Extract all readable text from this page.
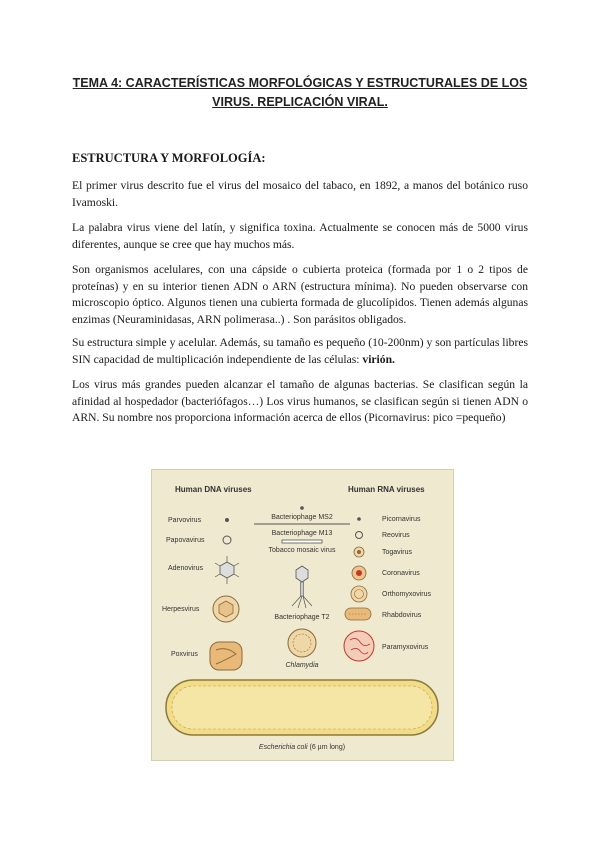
TEMA 4: CARACTERÍSTICAS MORFOLÓGICAS Y ESTRUCTURALES DE LOS
VIRUS. REPLICACIÓN VIRAL.
ESTRUCTURA Y MORFOLOGÍA:
El primer virus descrito fue el virus del mosaico del tabaco, en 1892, a manos del botánico ruso Ivamoski.
La palabra virus viene del latín, y significa toxina. Actualmente se conocen más de 5000 virus diferentes, aunque se cree que hay muchos más.
Son organismos acelulares, con una cápside o cubierta proteica (formada por 1 o 2 tipos de proteínas) y en su interior tienen ADN o ARN (estructura mínima). No pueden observarse con microscopio óptico. Algunos tienen una cubierta formada de glucolípidos. Tienen además algunas enzimas (Neuraminidasas, ARN polimerasa..) . Son parásitos obligados.
Su estructura simple y acelular. Además, su tamaño es pequeño (10-200nm) y son partículas libres SIN capacidad de multiplicación independiente de las células: virión.
Los virus más grandes pueden alcanzar el tamaño de algunas bacterias. Se clasifican según la afinidad al hospedador (bacteriófagos…) Los virus humanos, se clasifican según si tienen ADN o ARN. Su nombre nos proporciona información acerca de ellos (Picornavirus: pico =pequeño)
Human DNA viruses	Human RNA viruses
Parvovirus
Papovavirus
Adenovirus
Herpesvirus
Poxvirus
Bacteriophage MS2
Bacteriophage M13
Tobacco mosaic virus
Bacteriophage T2
Chlamydia
Picornavirus
Reovirus
Togavirus
Coronavirus
Orthomyxovirus
Rhabdovirus
Paramyxovirus
Escherichia coli (6 µm long)
